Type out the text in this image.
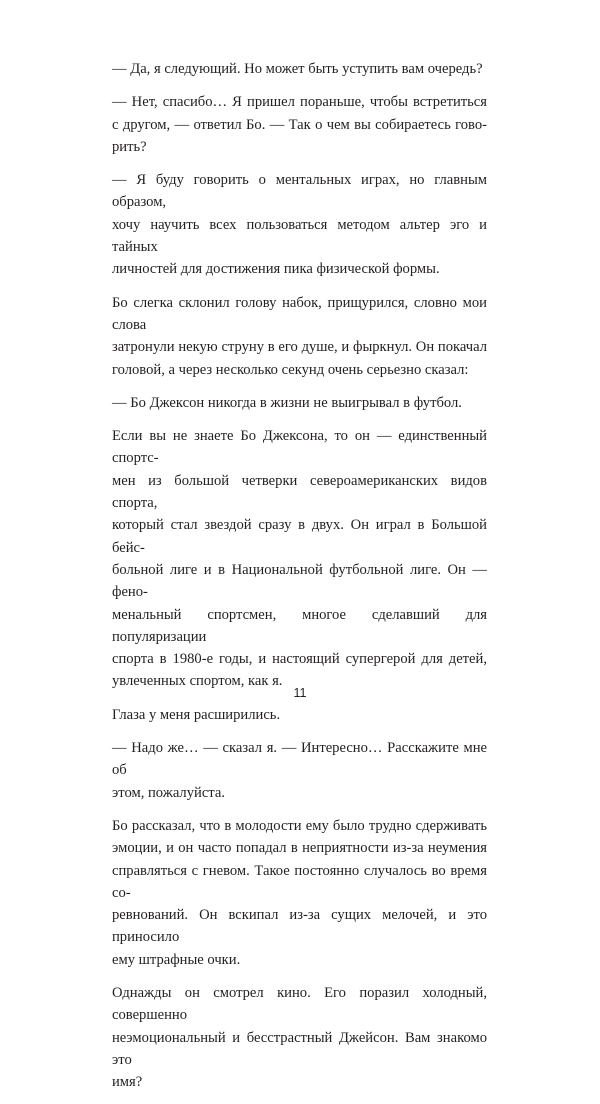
— Да, я следующий. Но может быть уступить вам очередь?

— Нет, спасибо… Я пришел пораньше, чтобы встретиться
с другом, — ответил Бо. — Так о чем вы собираетесь гово-
рить?

— Я буду говорить о ментальных играх, но главным образом,
хочу научить всех пользоваться методом альтер эго и тайных
личностей для достижения пика физической формы.

Бо слегка склонил голову набок, прищурился, словно мои слова
затронули некую струну в его душе, и фыркнул. Он покачал
головой, а через несколько секунд очень серьезно сказал:

— Бо Джексон никогда в жизни не выигрывал в футбол.

Если вы не знаете Бо Джексона, то он — единственный спортс-
мен из большой четверки североамериканских видов спорта,
который стал звездой сразу в двух. Он играл в Большой бейс-
больной лиге и в Национальной футбольной лиге. Он — фено-
менальный спортсмен, многое сделавший для популяризации
спорта в 1980-е годы, и настоящий супергерой для детей,
увлеченных спортом, как я.

Глаза у меня расширились.

— Надо же… — сказал я. — Интересно… Расскажите мне об
этом, пожалуйста.

Бо рассказал, что в молодости ему было трудно сдерживать
эмоции, и он часто попадал в неприятности из-за неумения
справляться с гневом. Такое постоянно случалось во время со-
ревнований. Он вскипал из-за сущих мелочей, и это приносило
ему штрафные очки.

Однажды он смотрел кино. Его поразил холодный, совершенно
неэмоциональный и бесстрастный Джейсон. Вам знакомо это
имя?

11
